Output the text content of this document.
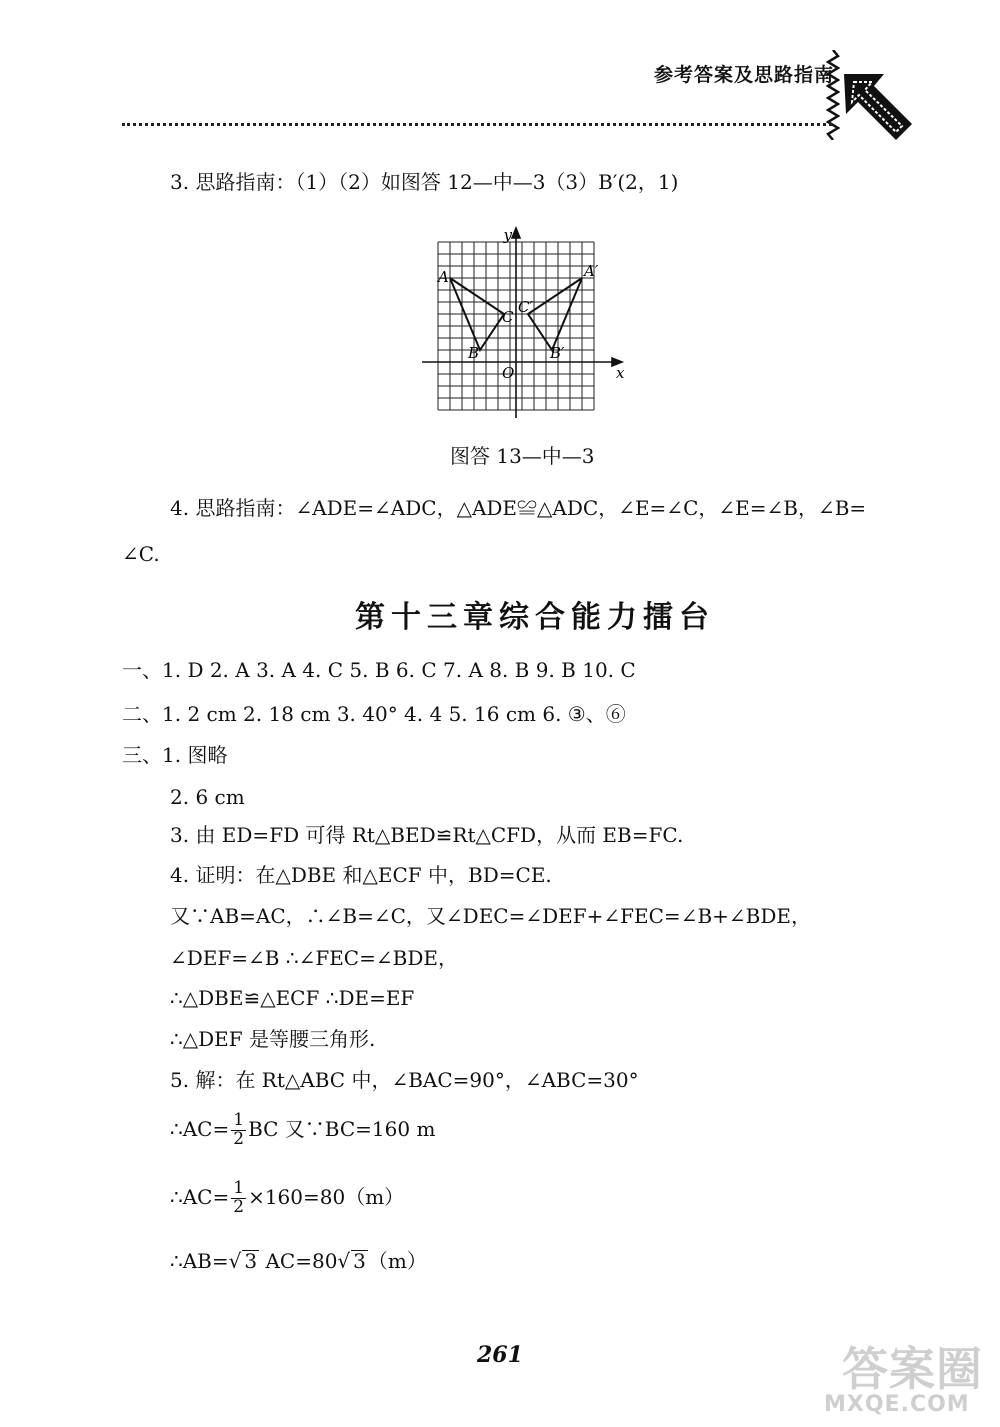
参考答案及思路指南
3. 思路指南：（1）（2）如图答 12—中—3（3）B′(2，1)
y
x
O
A
B
C
A′
B′
C′
图答 13—中—3
4. 思路指南：∠ADE=∠ADC，△ADE≌△ADC，∠E=∠C，∠E=∠B，∠B=
∠C.
第十三章综合能力擂台
一、1. D 2. A 3. A 4. C 5. B 6. C 7. A 8. B 9. B 10. C
二、1. 2 cm 2. 18 cm 3. 40° 4. 4 5. 16 cm 6. ③、⑥
三、1. 图略
2. 6 cm
3. 由 ED=FD 可得 Rt△BED≌Rt△CFD，从而 EB=FC.
4. 证明：在△DBE 和△ECF 中，BD=CE.
又∵AB=AC，∴∠B=∠C，又∠DEC=∠DEF+∠FEC=∠B+∠BDE，
∠DEF=∠B ∴∠FEC=∠BDE，
∴△DBE≌△ECF ∴DE=EF
∴△DEF 是等腰三角形.
5. 解：在 Rt△ABC 中，∠BAC=90°，∠ABC=30°
∴AC= $\frac{1}{2}$ BC 又∵BC=160 m
∴AC= $\frac{1}{2} \times 160=80(m)$
∴AB=√ 3 AC=80√ 3 （m）
261	答案圈
MXQE.COM
